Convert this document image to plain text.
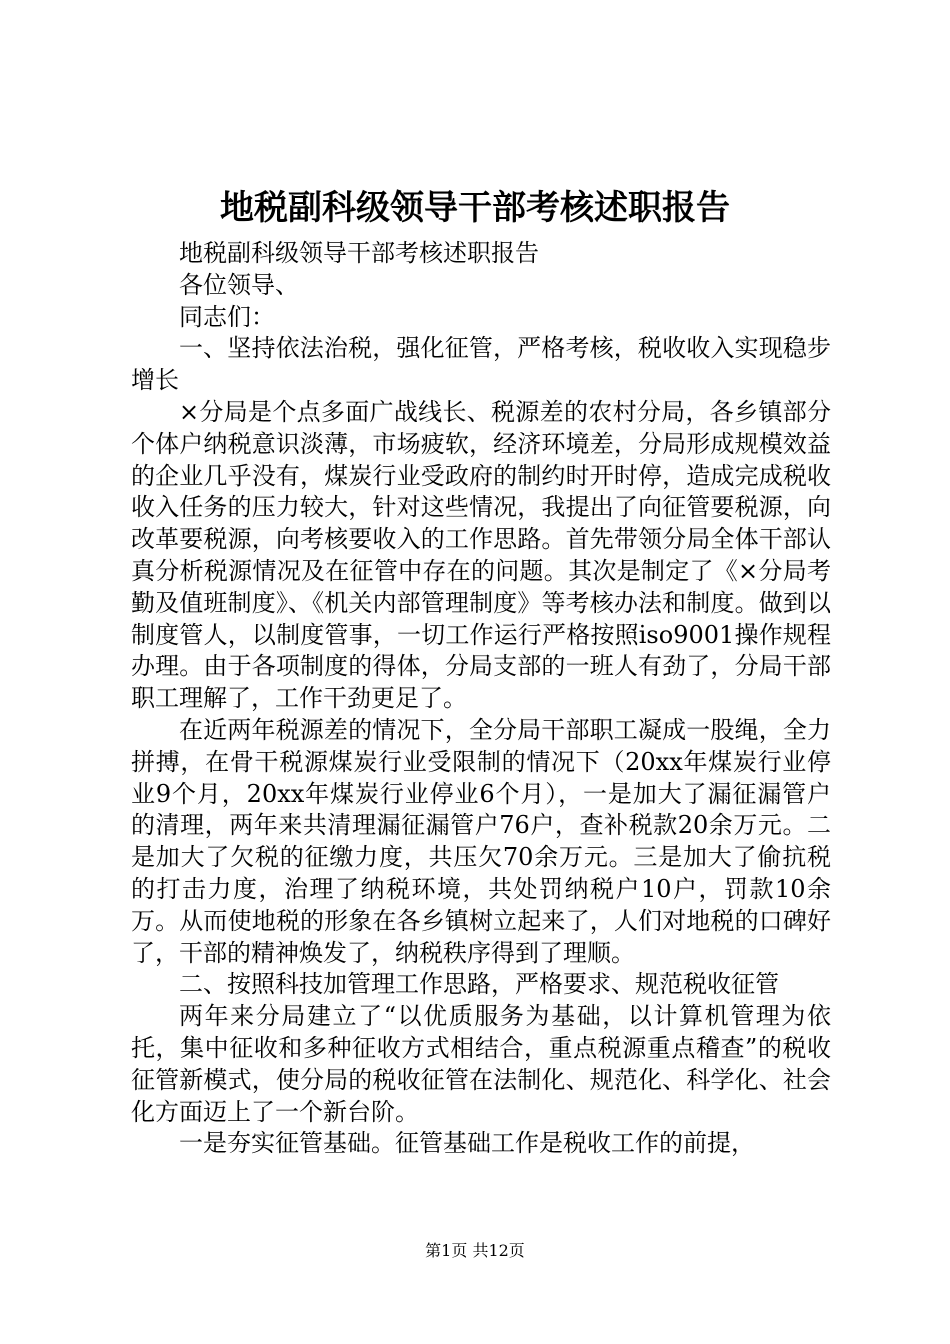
地税副科级领导干部考核述职报告

地税副科级领导干部考核述职报告

各位领导、

同志们：

一、坚持依法治税，强化征管，严格考核，税收收入实现稳步增长

×分局是个点多面广战线长、税源差的农村分局，各乡镇部分个体户纳税意识淡薄，市场疲软，经济环境差，分局形成规模效益的企业几乎没有，煤炭行业受政府的制约时开时停，造成完成税收收入任务的压力较大，针对这些情况，我提出了向征管要税源，向改革要税源，向考核要收入的工作思路。首先带领分局全体干部认真分析税源情况及在征管中存在的问题。其次是制定了《×分局考勤及值班制度》、《机关内部管理制度》等考核办法和制度。做到以制度管人，以制度管事，一切工作运行严格按照iso9001操作规程办理。由于各项制度的得体，分局支部的一班人有劲了，分局干部职工理解了，工作干劲更足了。

在近两年税源差的情况下，全分局干部职工凝成一股绳，全力拼搏，在骨干税源煤炭行业受限制的情况下（20xx年煤炭行业停业9个月，20xx年煤炭行业停业6个月），一是加大了漏征漏管户的清理，两年来共清理漏征漏管户76户，查补税款20余万元。二是加大了欠税的征缴力度，共压欠70余万元。三是加大了偷抗税的打击力度，治理了纳税环境，共处罚纳税户10户，罚款10余万。从而使地税的形象在各乡镇树立起来了，人们对地税的口碑好了，干部的精神焕发了，纳税秩序得到了理顺。

二、按照科技加管理工作思路，严格要求、规范税收征管

两年来分局建立了“以优质服务为基础，以计算机管理为依托，集中征收和多种征收方式相结合，重点税源重点稽查”的税收征管新模式，使分局的税收征管在法制化、规范化、科学化、社会化方面迈上了一个新台阶。

一是夯实征管基础。征管基础工作是税收工作的前提，

第1页 共12页
